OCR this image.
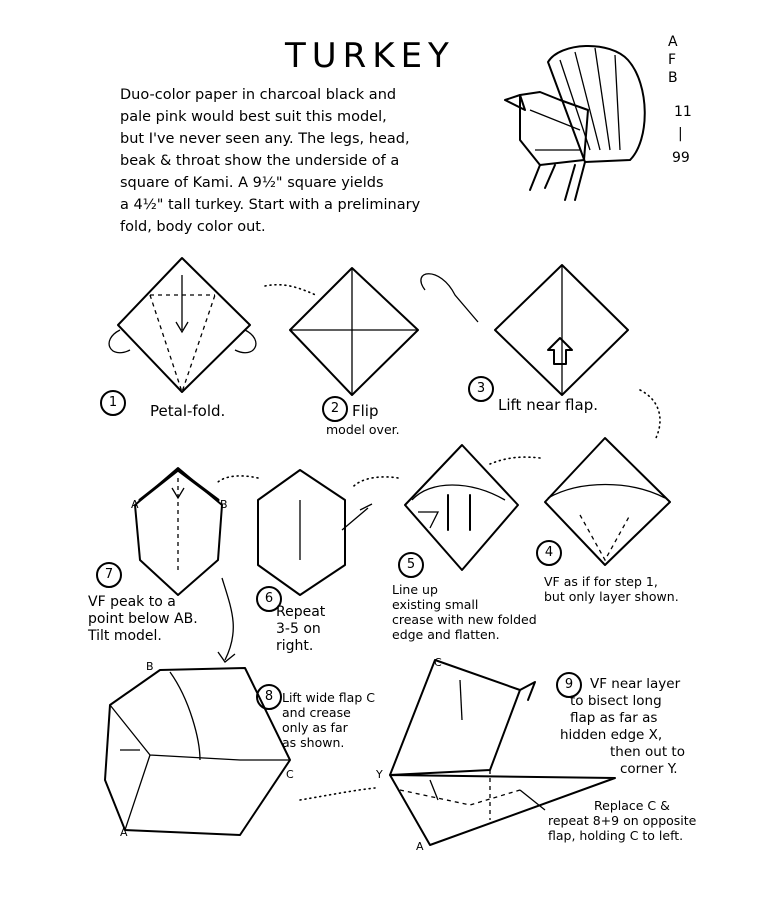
TURKEY
Duo-color paper in charcoal black and
pale pink would best suit this model,
but I've never seen any. The legs, head,
beak & throat show the underside of a
square of Kami. A 9½" square yields
a 4½" tall turkey. Start with a preliminary
fold, body color out.
A
F
B
11
|
99
A	B
B
C
A
C
Y
A
1	Petal-fold.	2 Flip
model over.
3
Lift near flap.
4
VF as if for step 1,
but only layer shown.
5
Line up
existing small
crease with new folded
edge and flatten.
6
Repeat
3-5 on
right.
7
VF peak to a
point below AB.
Tilt model.
8 Lift wide flap C
and crease
only as far
as shown.
9	VF near layer
to bisect long
flap as far as
hidden edge X,
then out to
corner Y.
Replace C &
repeat 8+9 on opposite
flap, holding C to left.
